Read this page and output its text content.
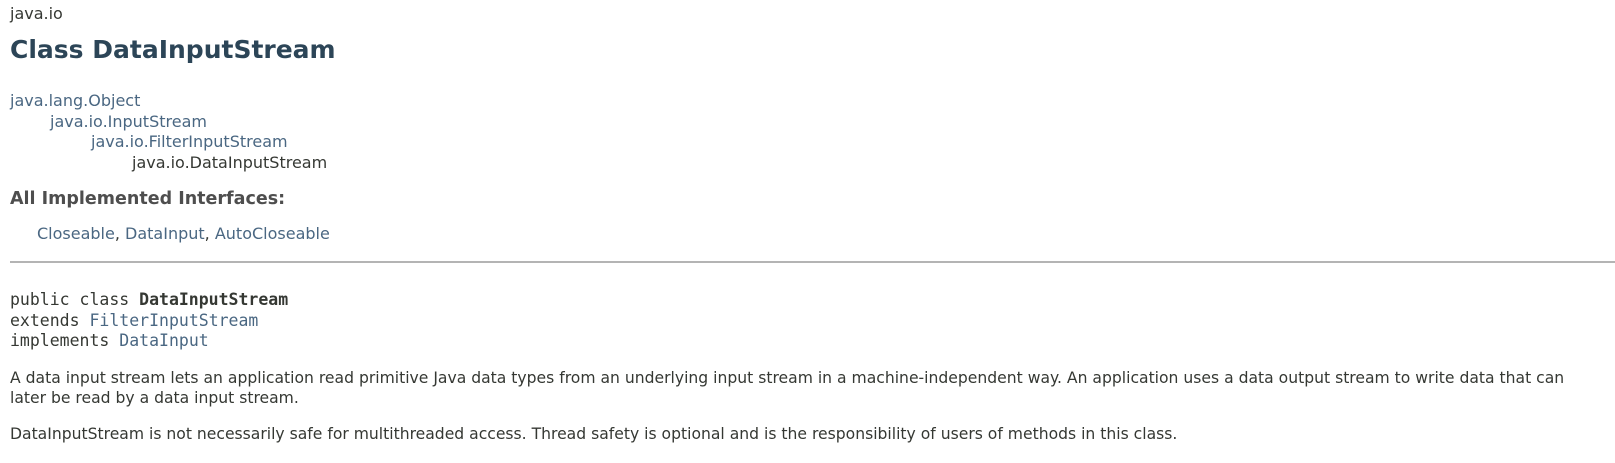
java.io
Class DataInputStream
java.lang.Object
java.io.InputStream
java.io.FilterInputStream
java.io.DataInputStream
All Implemented Interfaces:
Closeable, DataInput, AutoCloseable
public class DataInputStream
extends FilterInputStream
implements DataInput
A data input stream lets an application read primitive Java data types from an underlying input stream in a machine-independent way. An application uses a data output stream to write data that can later be read by a data input stream.
DataInputStream is not necessarily safe for multithreaded access. Thread safety is optional and is the responsibility of users of methods in this class.
